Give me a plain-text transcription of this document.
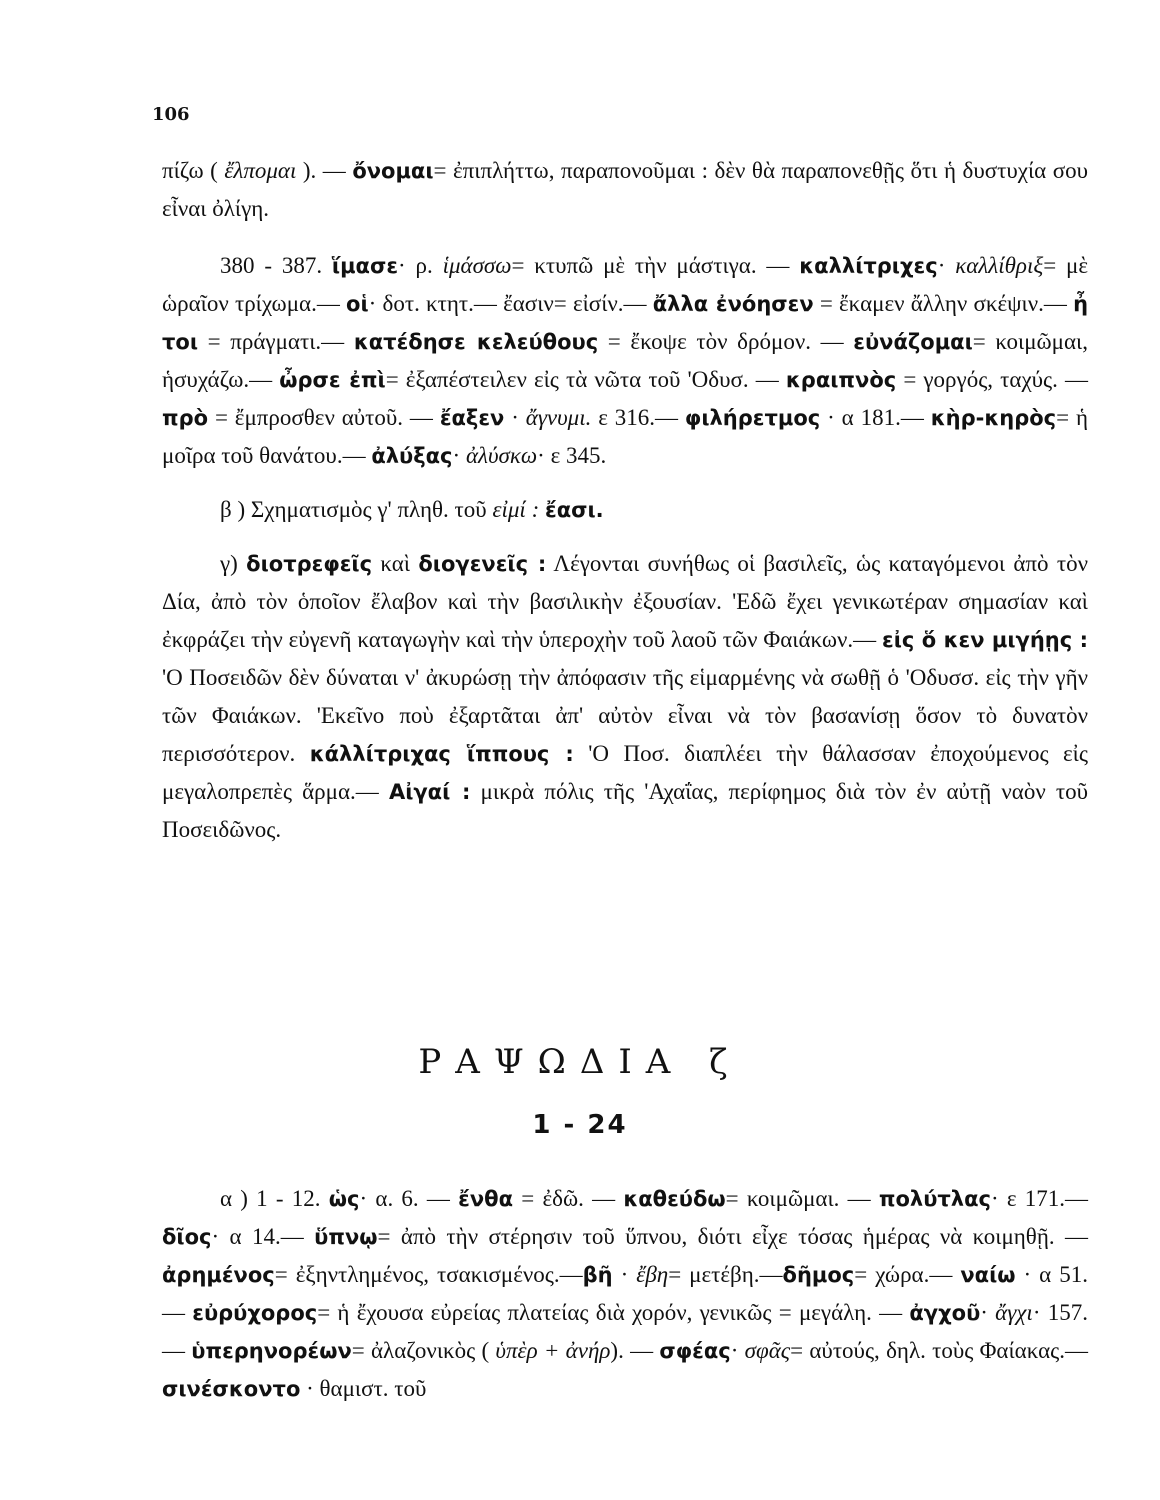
106

πίζω ( ἔλπομαι ). — ὄνομαι= ἐπιπλήττω, παραπονοῦμαι : δὲν θὰ παραπονεθῇς ὅτι ἡ δυστυχία σου εἶναι ὀλίγη.

380 - 387. ἵμασε· ρ. ἱμάσσω= κτυπῶ μὲ τὴν μάστιγα. — καλλίτριχες· καλλίθριξ= μὲ ὡραῖον τρίχωμα.— οἱ· δοτ. κτητ.— ἔασιν= εἰσίν.— ἄλλα ἐνόησεν = ἔκαμεν ἄλλην σκέψιν.— ἦ τοι = πράγματι.— κατέδησε κελεύθους = ἔκοψε τὸν δρόμον. — εὐνάζομαι= κοιμῶμαι, ἡσυχάζω.— ὦρσε ἐπὶ= ἐξαπέστειλεν εἰς τὰ νῶτα τοῦ 'Οδυσ. — κραιπνὸς = γοργός, ταχύς. — πρὸ = ἔμπροσθεν αὐτοῦ. — ἔαξεν · ἄγνυμι. ε 316.— φιλήρετμος · α 181.— κὴρ-κηρὸς= ἡ μοῖρα τοῦ θανάτου.— ἀλύξας· ἀλύσκω· ε 345.

β ) Σχηματισμὸς γ' πληθ. τοῦ εἰμί : ἔασι.

γ) διοτρεφεῖς καὶ διογενεῖς : Λέγονται συνήθως οἱ βασιλεῖς, ὡς καταγόμενοι ἀπὸ τὸν Δία, ἀπὸ τὸν ὁποῖον ἔλαβον καὶ τὴν βασιλικὴν ἐξουσίαν. 'Εδῶ ἔχει γενικωτέραν σημασίαν καὶ ἐκφράζει τὴν εὐγενῆ καταγωγὴν καὶ τὴν ὑπεροχὴν τοῦ λαοῦ τῶν Φαιάκων.— εἰς ὅ κεν μιγήῃς : 'Ο Ποσειδῶν δὲν δύναται ν' ἀκυρώσῃ τὴν ἀπόφασιν τῆς εἱμαρμένης νὰ σωθῇ ὁ 'Οδυσσ. εἰς τὴν γῆν τῶν Φαιάκων. 'Εκεῖνο ποὺ ἐξαρτᾶται ἀπ' αὐτὸν εἶναι νὰ τὸν βασανίσῃ ὅσον τὸ δυνατὸν περισσότερον. κάλλίτριχας ἵππους : 'Ο Ποσ. διαπλέει τὴν θάλασσαν ἐποχούμενος εἰς μεγαλοπρεπὲς ἅρμα.— Αἰγαί : μικρὰ πόλις τῆς 'Αχαΐας, περίφημος διὰ τὸν ἐν αὐτῇ ναὸν τοῦ Ποσειδῶνος.

ΡΑΨΩΔΙΑ ζ
1 - 24

α ) 1 - 12. ὡς· α. 6. — ἔνθα = ἐδῶ. — καθεύδω= κοιμῶμαι. — πολύτλας· ε 171.— δῖος· α 14.— ὕπνῳ= ἀπὸ τὴν στέρησιν τοῦ ὕπνου, διότι εἶχε τόσας ἡμέρας νὰ κοιμηθῇ. — ἀρημένος= ἐξηντλημένος, τσακισμένος.—βῆ · ἔβη= μετέβη.—δῆμος= χώρα.— ναίω · α 51.— εὐρύχορος= ἡ ἔχουσα εὐρείας πλατείας διὰ χορόν, γενικῶς = μεγάλη. — ἀγχοῦ· ἄγχι· 157. — ὑπερηνορέων= ἀλαζονικὸς ( ὑπὲρ + ἀνήρ). — σφέας· σφᾶς= αὐτούς, δηλ. τοὺς Φαίακας.— σινέσκοντο · θαμιστ. τοῦ
